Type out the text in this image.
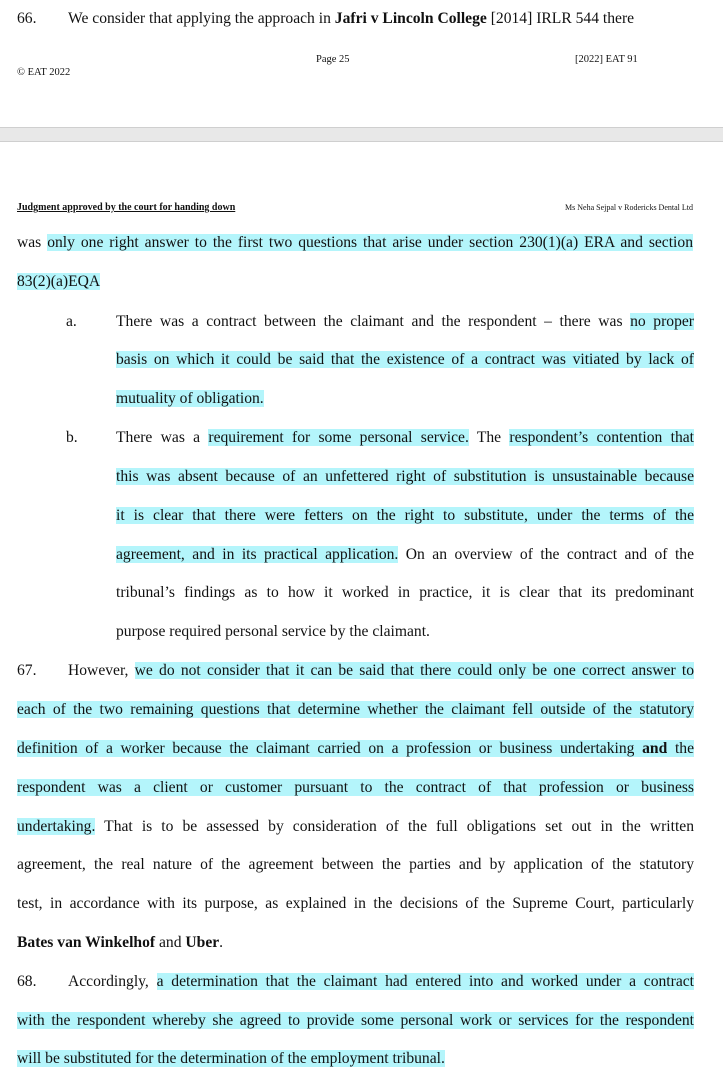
66. We consider that applying the approach in Jafri v Lincoln College [2014] IRLR 544 there
© EAT 2022
Page 25	[2022] EAT 91
Judgment approved by the court for handing down	Ms Neha Sejpal v Rodericks Dental Ltd
was only one right answer to the first two questions that arise under section 230(1)(a) ERA and section
83(2)(a)EQA
a.	There was a contract between the claimant and the respondent – there was no proper
basis on which it could be said that the existence of a contract was vitiated by lack of
mutuality of obligation.
b. There was a requirement for some personal service. The respondent’s contention that
this was absent because of an unfettered right of substitution is unsustainable because
it is clear that there were fetters on the right to substitute, under the terms of the
agreement, and in its practical application. On an overview of the contract and of the
tribunal’s findings as to how it worked in practice, it is clear that its predominant
purpose required personal service by the claimant.
67. However, we do not consider that it can be said that there could only be one correct answer to
each of the two remaining questions that determine whether the claimant fell outside of the statutory
definition of a worker because the claimant carried on a profession or business undertaking and the
respondent was a client or customer pursuant to the contract of that profession or business
undertaking. That is to be assessed by consideration of the full obligations set out in the written
agreement, the real nature of the agreement between the parties and by application of the statutory
test, in accordance with its purpose, as explained in the decisions of the Supreme Court, particularly
Bates van Winkelhof and Uber.
68. Accordingly, a determination that the claimant had entered into and worked under a contract
with the respondent whereby she agreed to provide some personal work or services for the respondent
will be substituted for the determination of the employment tribunal.
